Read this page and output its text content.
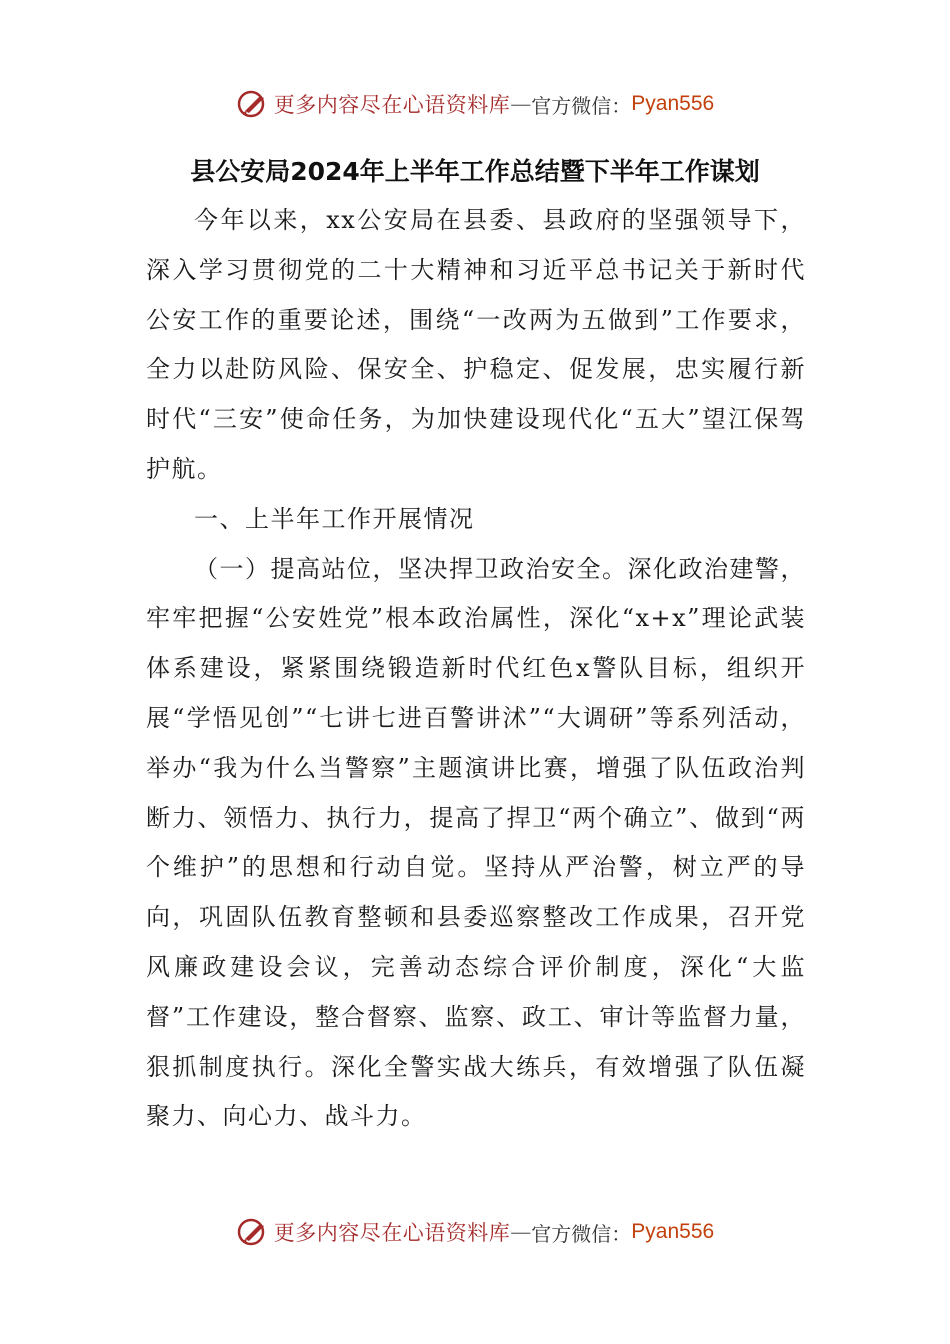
更多内容尽在心语资料库 — 官方微信： Pyan556
县公安局2024年上半年工作总结暨下半年工作谋划

今年以来，xx公安局在县委、县政府的坚强领导下，深入学习贯彻党的二十大精神和习近平总书记关于新时代公安工作的重要论述，围绕“一改两为五做到”工作要求，全力以赴防风险、保安全、护稳定、促发展，忠实履行新时代“三安”使命任务，为加快建设现代化“五大”望江保驾护航。

一、上半年工作开展情况

（一）提高站位，坚决捍卫政治安全。深化政治建警，牢牢把握“公安姓党”根本政治属性，深化“x+x”理论武装体系建设，紧紧围绕锻造新时代红色x警队目标，组织开展“学悟见创”“七讲七进百警讲沭”“大调研”等系列活动，举办“我为什么当警察”主题演讲比赛，增强了队伍政治判断力、领悟力、执行力，提高了捍卫“两个确立”、做到“两个维护”的思想和行动自觉。坚持从严治警，树立严的导向，巩固队伍教育整顿和县委巡察整改工作成果，召开党风廉政建设会议，完善动态综合评价制度，深化“大监督”工作建设，整合督察、监察、政工、审计等监督力量，狠抓制度执行。深化全警实战大练兵，有效增强了队伍凝聚力、向心力、战斗力。

更多内容尽在心语资料库 — 官方微信： Pyan556
